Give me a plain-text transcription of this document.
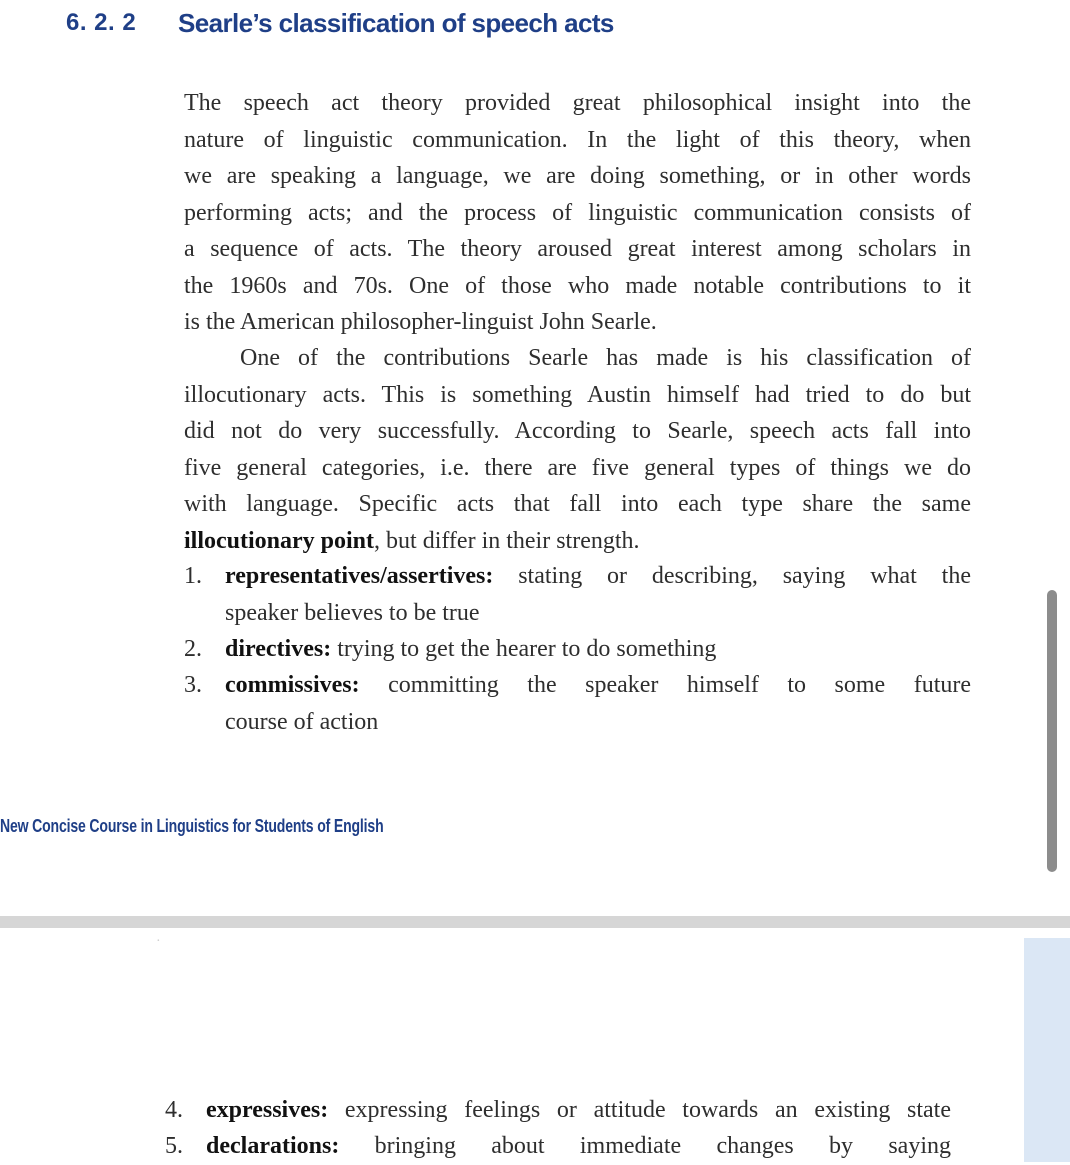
6. 2. 2	Searle’s classification of speech acts
The speech act theory provided great philosophical insight into the
nature of linguistic communication. In the light of this theory, when
we are speaking a language, we are doing something, or in other words
performing acts; and the process of linguistic communication consists of
a sequence of acts. The theory aroused great interest among scholars in
the 1960s and 70s. One of those who made notable contributions to it
is the American philosopher-linguist John Searle.
One of the contributions Searle has made is his classification of
illocutionary acts. This is something Austin himself had tried to do but
did not do very successfully. According to Searle, speech acts fall into
five general categories, i.e. there are five general types of things we do
with language. Specific acts that fall into each type share the same
illocutionary point, but differ in their strength.
1. representatives/assertives: stating or describing, saying what the
speaker believes to be true
2. directives: trying to get the hearer to do something
3. commissives: committing the speaker himself to some future
course of action
New Concise Course in Linguistics for Students of English
·
4. expressives: expressing feelings or attitude towards an existing state
5. declarations: bringing about immediate changes by saying
